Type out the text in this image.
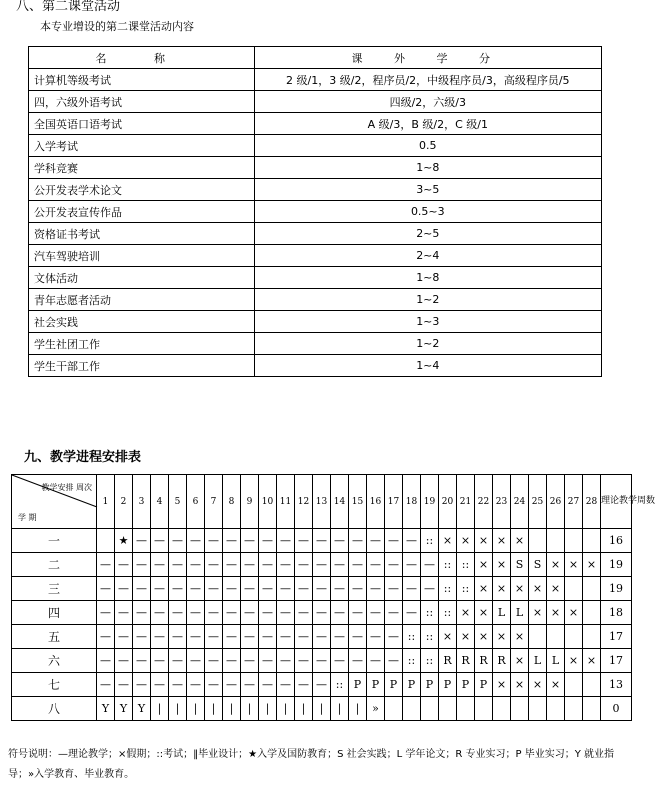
八、第二课堂活动
本专业增设的第二课堂活动内容
名 称	课 外 学 分
计算机等级考试	2 级/1，3 级/2，程序员/2，中级程序员/3，高级程序员/5
四，六级外语考试	四级/2，六级/3
全国英语口语考试	A 级/3，B 级/2，C 级/1
入学考试	0.5
学科竞赛	1~8
公开发表学术论文	3~5
公开发表宣传作品	0.5~3
资格证书考试	2~5
汽车驾驶培训	2~4
文体活动	1~8
青年志愿者活动	1~2
社会实践	1~3
学生社团工作	1~2
学生干部工作	1~4
九、教学进程安排表
教学安排 周次
学 期	1	2	3	4	5	6	7	8	9	10	11	12	13	14	15	16	17	18	19	20	21	22	23	24	25	26	27	28	理论教学周数
一		★	—	—	—	—	—	—	—	—	—	—	—	—	—	—	—	—	::	×	×	×	×	×					16
二	—	—	—	—	—	—	—	—	—	—	—	—	—	—	—	—	—	—	—	::	::	×	×	S	S	×	×	×	19
三	—	—	—	—	—	—	—	—	—	—	—	—	—	—	—	—	—	—	—	::	::	×	×	×	×	×			19
四	—	—	—	—	—	—	—	—	—	—	—	—	—	—	—	—	—	—	::	::	×	×	L	L	×	×	×		18
五	—	—	—	—	—	—	—	—	—	—	—	—	—	—	—	—	—	::	::	×	×	×	×	×					17
六	—	—	—	—	—	—	—	—	—	—	—	—	—	—	—	—	—	::	::	R	R	R	R	×	L	L	×	×	17
七	—	—	—	—	—	—	—	—	—	—	—	—	—	::	P	P	P	P	P	P	P	P	×	×	×	×			13
八	Y	Y	Y	|	|	|	|	|	|	|	|	|	|	|	|	»													0
符号说明：—理论教学；×假期；::考试；‖毕业设计；★入学及国防教育；S 社会实践；L 学年论文；R 专业实习；P 毕业实习；Y 就业指导；»入学教育、毕业教育。
